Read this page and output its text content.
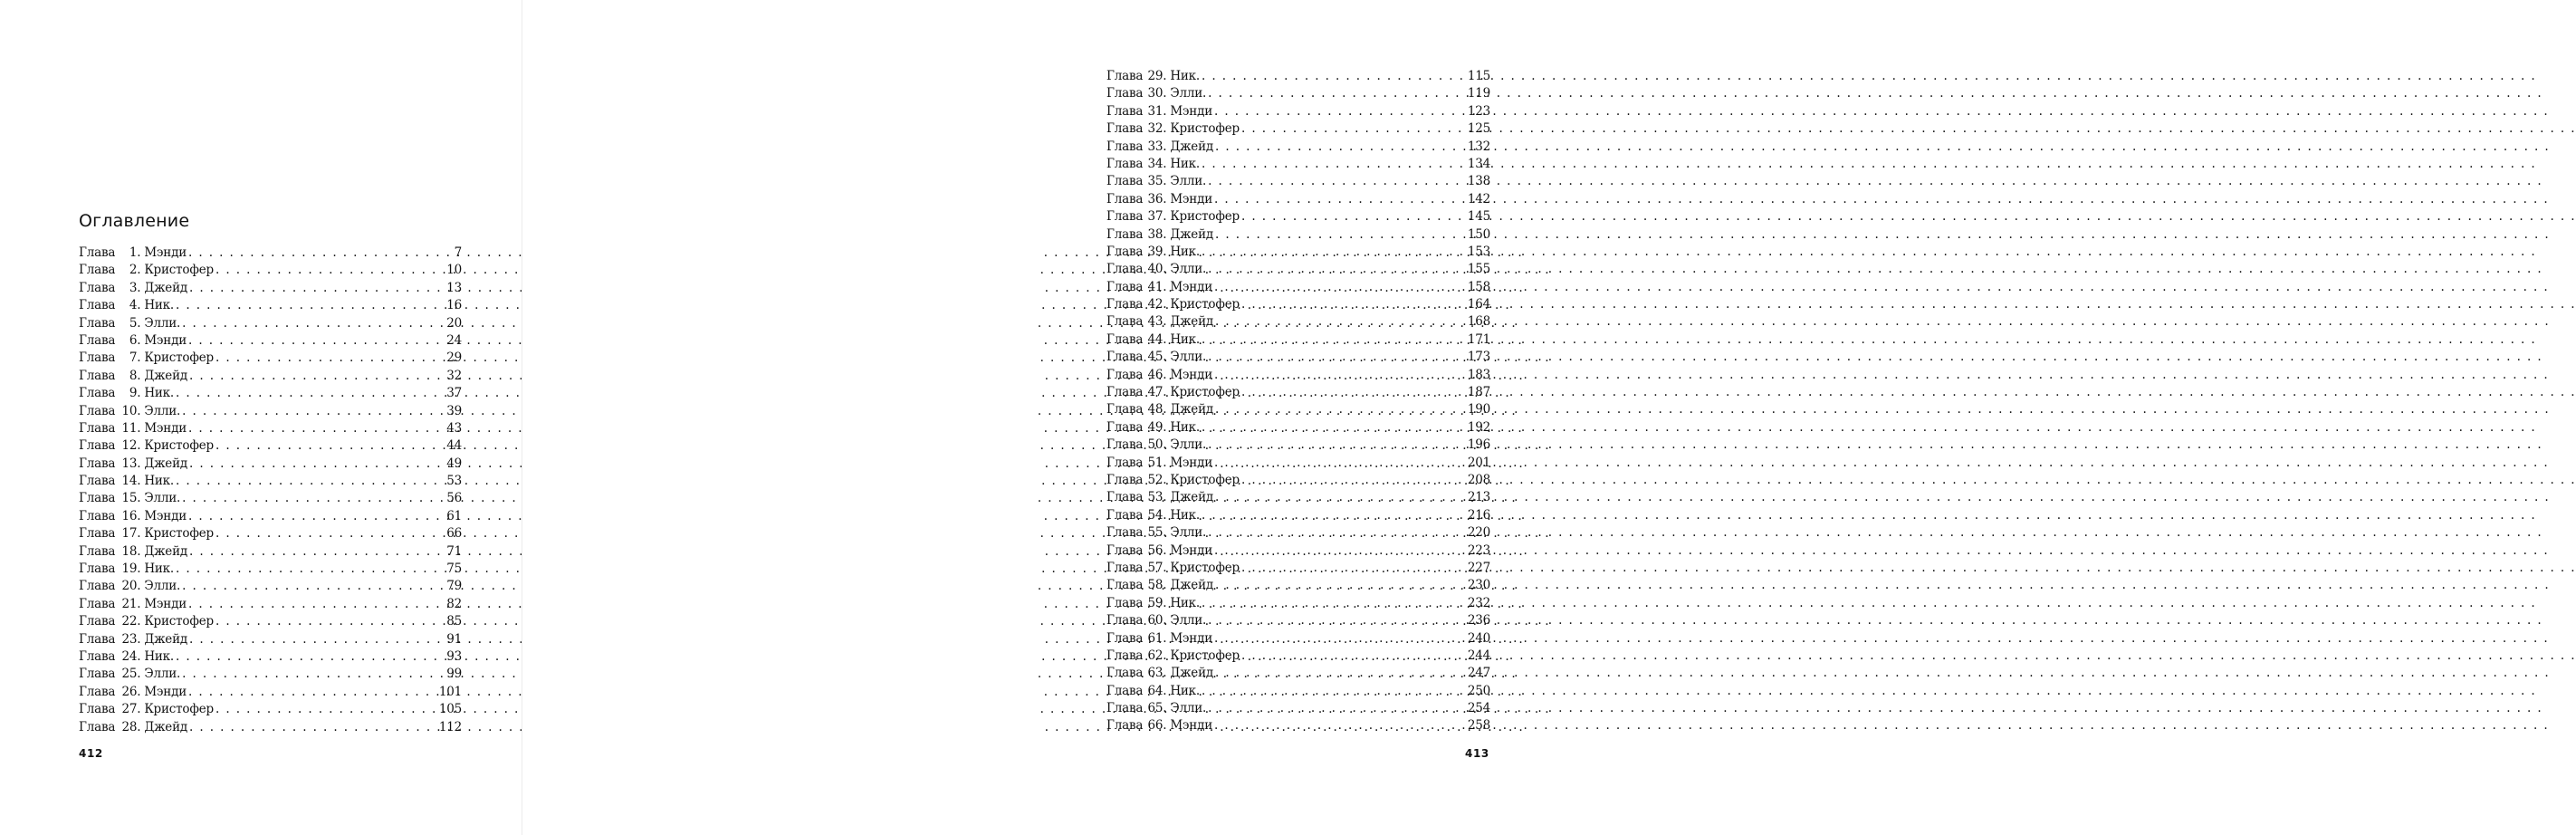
Оглавление
Глава	1 . Мэнди . . .	7
Глава	2 . Кристофер . . .	10
Глава	3 . Джейд . . .	13
Глава	4 . Ник. . . .	16
Глава	5 . Элли. . . .	20
Глава	6 . Мэнди . . .	24
Глава	7 . Кристофер . . .	29
Глава	8 . Джейд . . .	32
Глава	9 . Ник. . . .	37
Глава 10 . Элли. . . .	39
Глава 11 . Мэнди . . .	43
Глава 12 . Кристофер . . .	44
Глава 13 . Джейд . . .	49
Глава 14 . Ник. . . .	53
Глава 15 . Элли. . . .	56
Глава 16 . Мэнди . . .	61
Глава 17 . Кристофер . . .	66
Глава 18 . Джейд . . .	71
Глава 19 . Ник. . . .	75
Глава 20 . Элли. . . .	79
Глава 21 . Мэнди . . .	82
Глава 22 . Кристофер . . .	85
Глава 23 . Джейд . . .	91
Глава 24 . Ник. . . .	93
Глава 25 . Элли. . . .	99
Глава 26 . Мэнди . . .	101
Глава 27 . Кристофер . . .	105
Глава 28 . Джейд . . .	112

412

Глава 29 . Ник. . . .	115
Глава 30 . Элли. . . .	119
Глава 31 . Мэнди . . .	123
Глава 32 . Кристофер . . .	125
Глава 33 . Джейд . . .	132
Глава 34 . Ник. . . .	134
Глава 35 . Элли. . . .	138
Глава 36 . Мэнди . . .	142
Глава 37 . Кристофер . . .	145
Глава 38 . Джейд . . .	150
Глава 39 . Ник. . . .	153
Глава 40 . Элли. . . .	155
Глава 41 . Мэнди . . .	158
Глава 42 . Кристофер . . .	164
Глава 43 . Джейд . . .	168
Глава 44 . Ник. . . .	171
Глава 45 . Элли. . . .	173
Глава 46 . Мэнди . . .	183
Глава 47 . Кристофер . . .	187
Глава 48 . Джейд . . .	190
Глава 49 . Ник. . . .	192
Глава 50 . Элли. . . .	196
Глава 51 . Мэнди . . .	201
Глава 52 . Кристофер . . .	208
Глава 53 . Джейд . . .	213
Глава 54 . Ник. . . .	216
Глава 55 . Элли. . . .	220
Глава 56 . Мэнди . . .	223
Глава 57 . Кристофер . . .	227
Глава 58 . Джейд . . .	230
Глава 59 . Ник. . . .	232
Глава 60 . Элли. . . .	236
Глава 61 . Мэнди . . .	240
Глава 62 . Кристофер . . .	244
Глава 63 . Джейд . . .	247
Глава 64 . Ник. . . .	250
Глава 65 . Элли. . . .	254
Глава 66 . Мэнди . . .	258

413
